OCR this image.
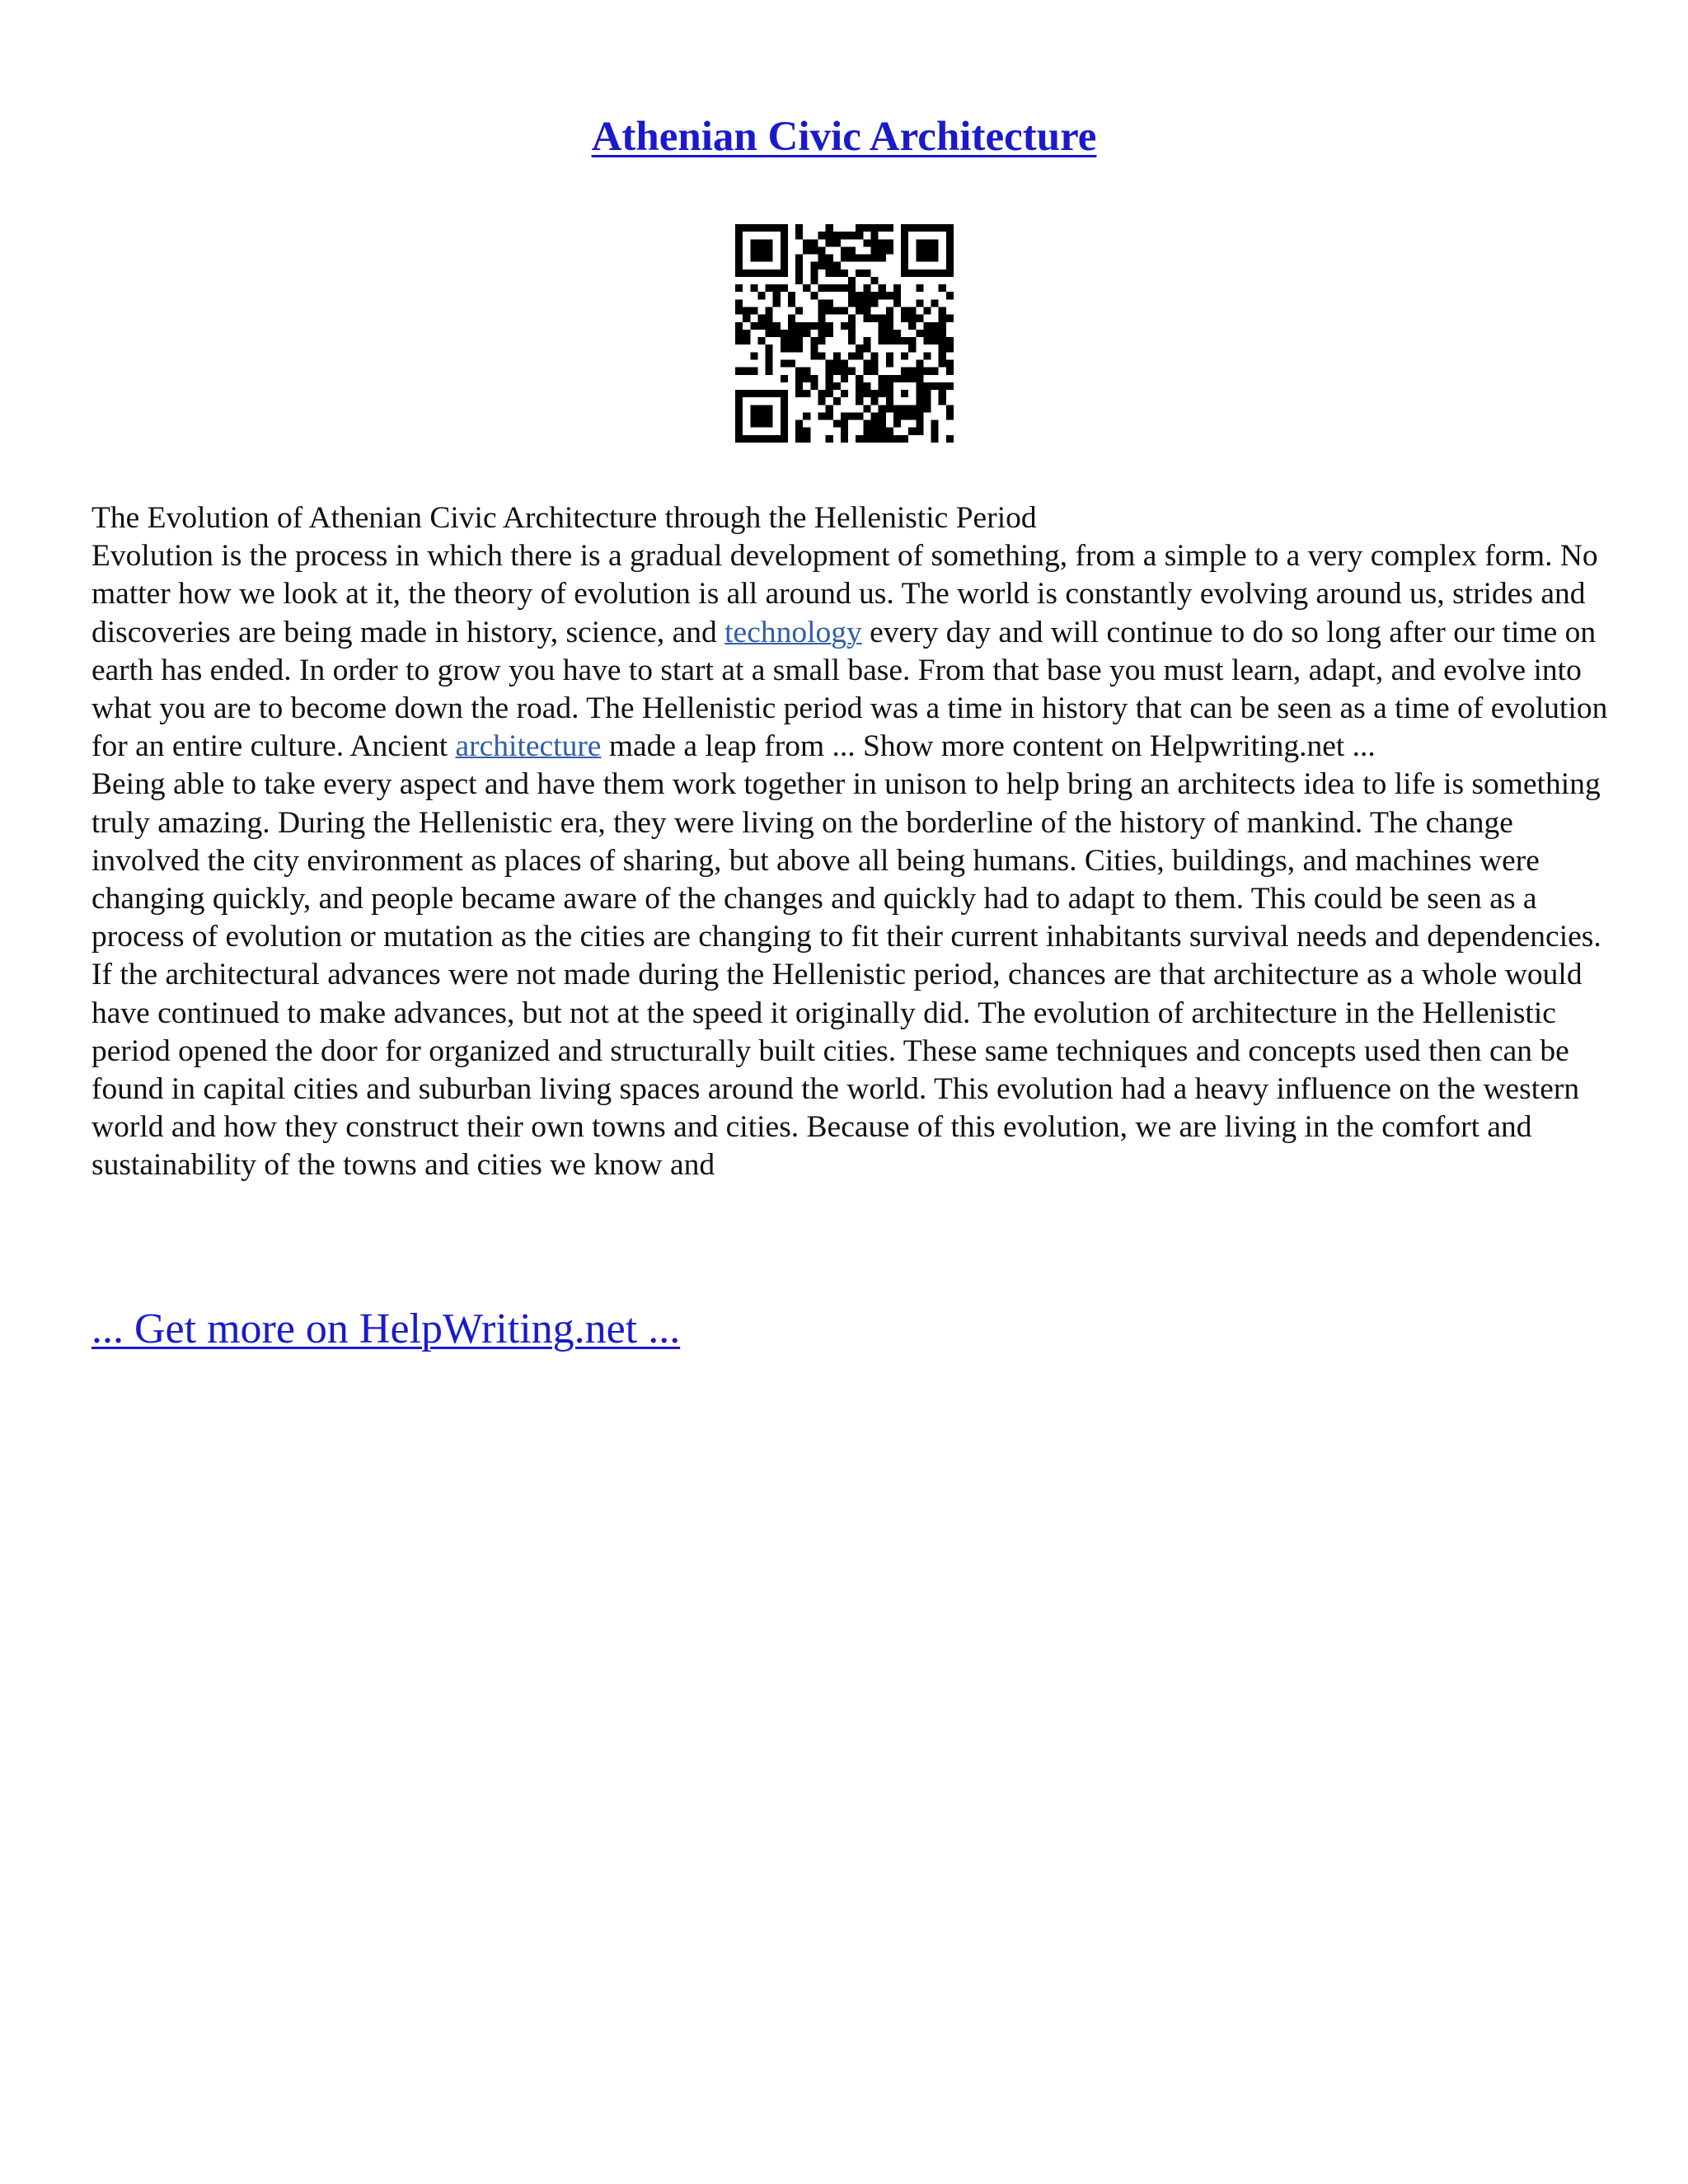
Athenian Civic Architecture

The Evolution of Athenian Civic Architecture through the Hellenistic Period

Evolution is the process in which there is a gradual development of something, from a simple to a very complex form. No matter how we look at it, the theory of evolution is all around us. The world is constantly evolving around us, strides and discoveries are being made in history, science, and technology every day and will continue to do so long after our time on earth has ended. In order to grow you have to start at a small base. From that base you must learn, adapt, and evolve into what you are to become down the road. The Hellenistic period was a time in history that can be seen as a time of evolution for an entire culture. Ancient architecture made a leap from ... Show more content on Helpwriting.net ...

Being able to take every aspect and have them work together in unison to help bring an architects idea to life is something truly amazing. During the Hellenistic era, they were living on the borderline of the history of mankind. The change involved the city environment as places of sharing, but above all being humans. Cities, buildings, and machines were changing quickly, and people became aware of the changes and quickly had to adapt to them. This could be seen as a process of evolution or mutation as the cities are changing to fit their current inhabitants survival needs and dependencies. If the architectural advances were not made during the Hellenistic period, chances are that architecture as a whole would have continued to make advances, but not at the speed it originally did. The evolution of architecture in the Hellenistic period opened the door for organized and structurally built cities. These same techniques and concepts used then can be found in capital cities and suburban living spaces around the world. This evolution had a heavy influence on the western world and how they construct their own towns and cities. Because of this evolution, we are living in the comfort and sustainability of the towns and cities we know and

... Get more on HelpWriting.net ...
